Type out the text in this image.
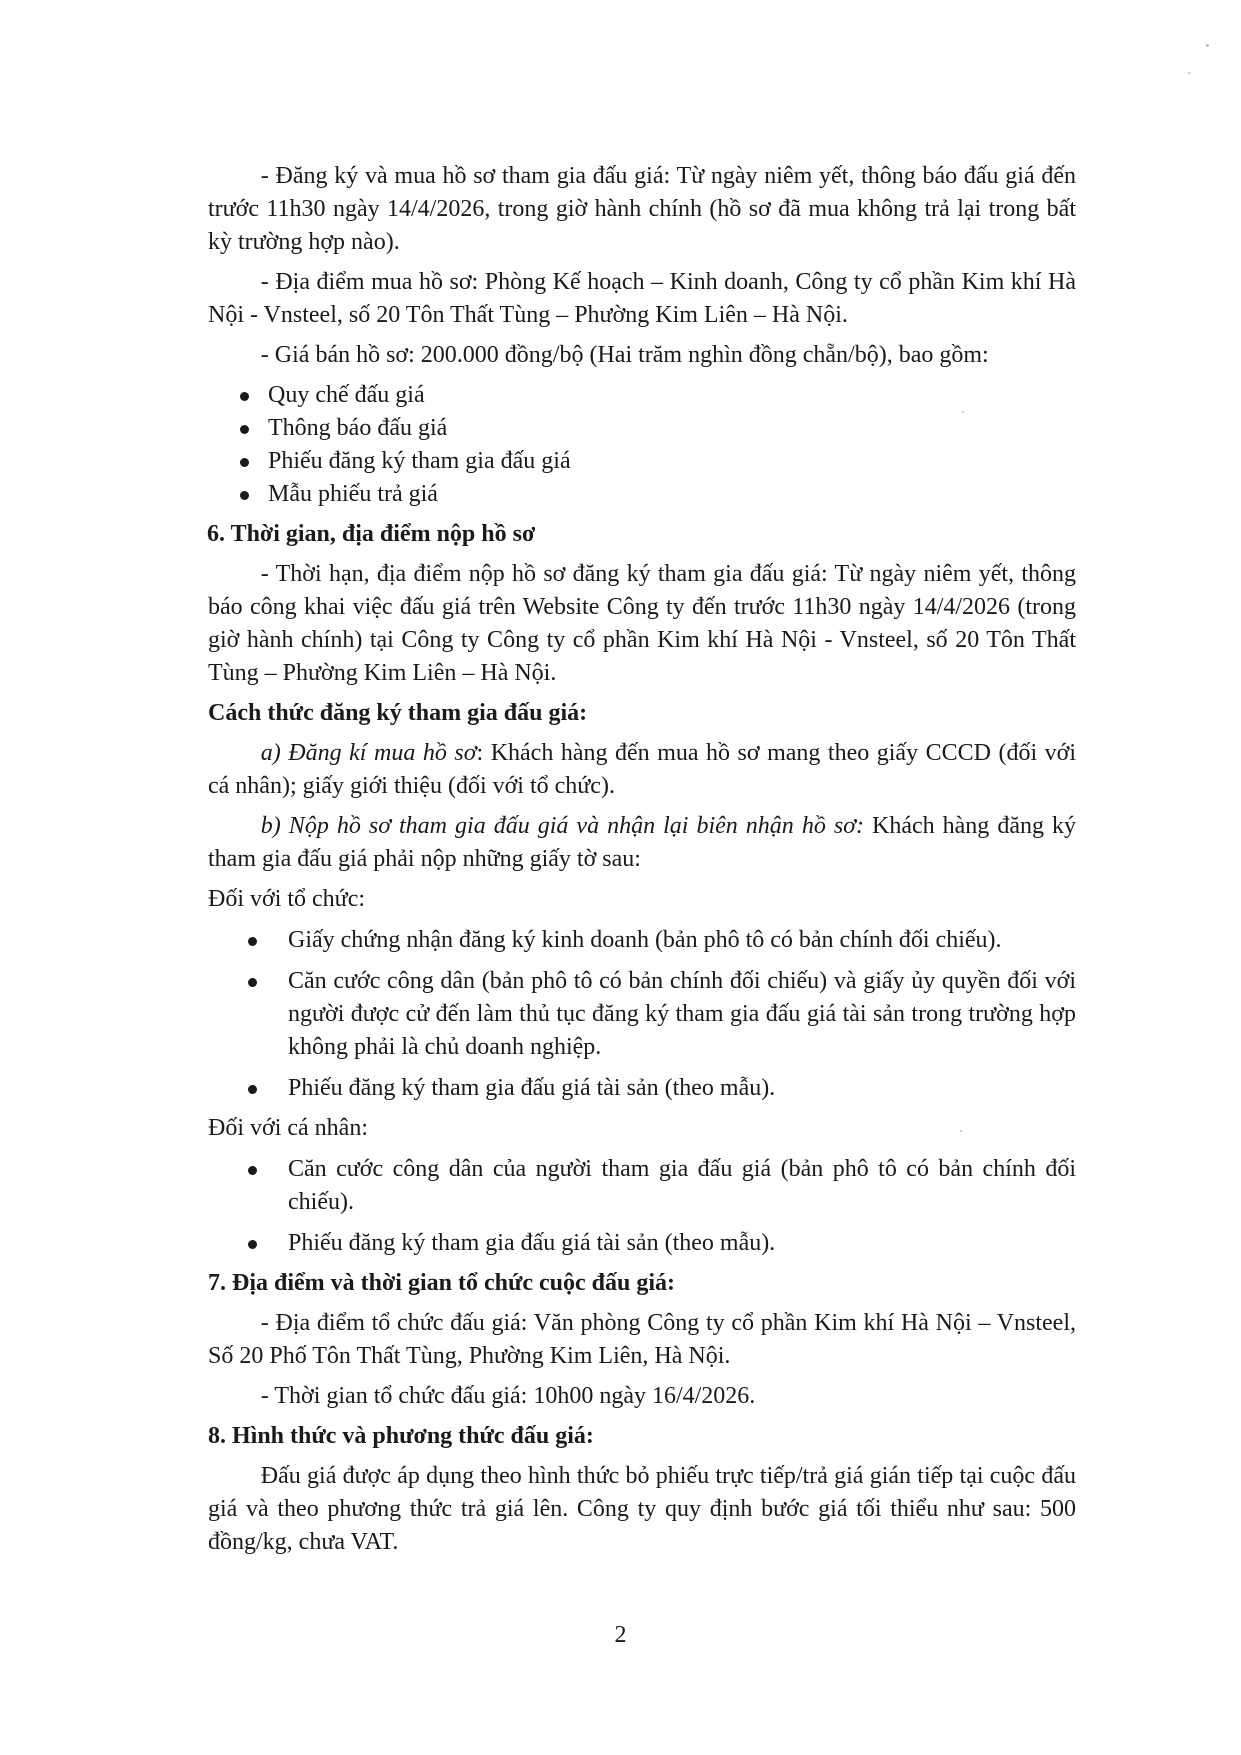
- Đăng ký và mua hồ sơ tham gia đấu giá: Từ ngày niêm yết, thông báo đấu giá đến trước 11h30 ngày 14/4/2026, trong giờ hành chính (hồ sơ đã mua không trả lại trong bất kỳ trường hợp nào).

- Địa điểm mua hồ sơ: Phòng Kế hoạch – Kinh doanh, Công ty cổ phần Kim khí Hà Nội - Vnsteel, số 20 Tôn Thất Tùng – Phường Kim Liên – Hà Nội.

- Giá bán hồ sơ: 200.000 đồng/bộ (Hai trăm nghìn đồng chẵn/bộ), bao gồm:

Quy chế đấu giá
Thông báo đấu giá
Phiếu đăng ký tham gia đấu giá
Mẫu phiếu trả giá

6. Thời gian, địa điểm nộp hồ sơ

- Thời hạn, địa điểm nộp hồ sơ đăng ký tham gia đấu giá: Từ ngày niêm yết, thông báo công khai việc đấu giá trên Website Công ty đến trước 11h30 ngày 14/4/2026 (trong giờ hành chính) tại Công ty Công ty cổ phần Kim khí Hà Nội - Vnsteel, số 20 Tôn Thất Tùng – Phường Kim Liên – Hà Nội.

Cách thức đăng ký tham gia đấu giá:

a) Đăng kí mua hồ sơ: Khách hàng đến mua hồ sơ mang theo giấy CCCD (đối với cá nhân); giấy giới thiệu (đối với tổ chức).

b) Nộp hồ sơ tham gia đấu giá và nhận lại biên nhận hồ sơ: Khách hàng đăng ký tham gia đấu giá phải nộp những giấy tờ sau:

Đối với tổ chức:

Giấy chứng nhận đăng ký kinh doanh (bản phô tô có bản chính đối chiếu).
Căn cước công dân (bản phô tô có bản chính đối chiếu) và giấy ủy quyền đối với người được cử đến làm thủ tục đăng ký tham gia đấu giá tài sản trong trường hợp không phải là chủ doanh nghiệp.
Phiếu đăng ký tham gia đấu giá tài sản (theo mẫu).

Đối với cá nhân:

Căn cước công dân của người tham gia đấu giá (bản phô tô có bản chính đối chiếu).
Phiếu đăng ký tham gia đấu giá tài sản (theo mẫu).

7. Địa điểm và thời gian tổ chức cuộc đấu giá:

- Địa điểm tổ chức đấu giá: Văn phòng Công ty cổ phần Kim khí Hà Nội – Vnsteel, Số 20 Phố Tôn Thất Tùng, Phường Kim Liên, Hà Nội.

- Thời gian tổ chức đấu giá: 10h00 ngày 16/4/2026.

8. Hình thức và phương thức đấu giá:

Đấu giá được áp dụng theo hình thức bỏ phiếu trực tiếp/trả giá gián tiếp tại cuộc đấu giá và theo phương thức trả giá lên. Công ty quy định bước giá tối thiểu như sau: 500 đồng/kg, chưa VAT.

2
